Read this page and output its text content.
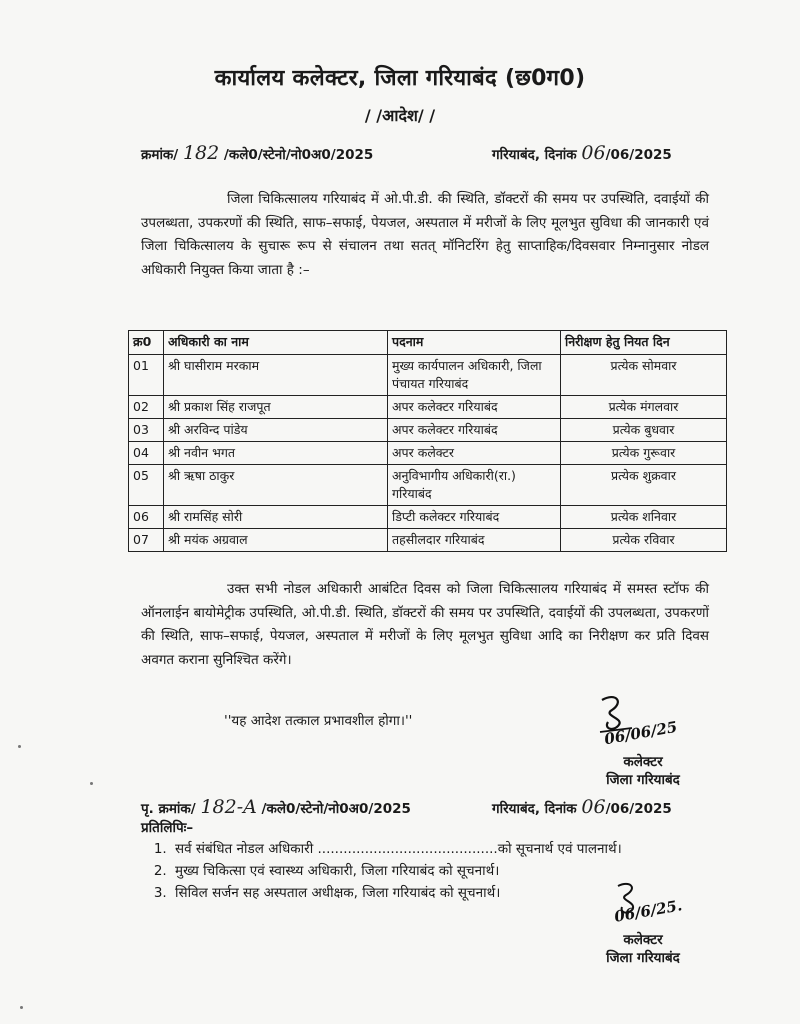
कार्यालय कलेक्टर, जिला गरियाबंद (छ0ग0)
/ /आदेश/ /
क्रमांक/ 182 /कले0/स्टेनो/नो0अ0/2025	गरियाबंद, दिनांक 06/06/2025
जिला चिकित्सालय गरियाबंद में ओ.पी.डी. की स्थिति, डॉक्टरों की समय पर उपस्थिति, दवाईयों की उपलब्धता, उपकरणों की स्थिति, साफ–सफाई, पेयजल, अस्पताल में मरीजों के लिए मूलभुत सुविधा की जानकारी एवं जिला चिकित्सालय के सुचारू रूप से संचालन तथा सतत् मॉनिटरिंग हेतु साप्ताहिक/दिवसवार निम्नानुसार नोडल अधिकारी नियुक्त किया जाता है :–
क्र0	अधिकारी का नाम	पदनाम	निरीक्षण हेतु नियत दिन
01	श्री घासीराम मरकाम	मुख्य कार्यपालन अधिकारी, जिला पंचायत गरियाबंद	प्रत्येक सोमवार
02	श्री प्रकाश सिंह राजपूत	अपर कलेक्टर गरियाबंद	प्रत्येक मंगलवार
03	श्री अरविन्द पांडेय	अपर कलेक्टर गरियाबंद	प्रत्येक बुधवार
04	श्री नवीन भगत	अपर कलेक्टर	प्रत्येक गुरूवार
05	श्री ऋषा ठाकुर	अनुविभागीय अधिकारी(रा.) गरियाबंद	प्रत्येक शुक्रवार
06	श्री रामसिंह सोरी	डिप्टी कलेक्टर गरियाबंद	प्रत्येक शनिवार
07	श्री मयंक अग्रवाल	तहसीलदार गरियाबंद	प्रत्येक रविवार
उक्त सभी नोडल अधिकारी आबंटित दिवस को जिला चिकित्सालय गरियाबंद में समस्त स्टॉफ की ऑनलाईन बायोमेट्रीक उपस्थिति, ओ.पी.डी. स्थिति, डॉक्टरों की समय पर उपस्थिति, दवाईयों की उपलब्धता, उपकरणों की स्थिति, साफ–सफाई, पेयजल, अस्पताल में मरीजों के लिए मूलभुत सुविधा आदि का निरीक्षण कर प्रति दिवस अवगत कराना सुनिश्चित करेंगे।
''यह आदेश तत्काल प्रभावशील होगा।''	06/06/25
कलेक्टर
जिला गरियाबंद
पृ. क्रमांक/ 182-A /कले0/स्टेनो/नो0अ0/2025	गरियाबंद, दिनांक 06/06/2025
प्रतिलिपिः–
1. सर्व संबंधित नोडल अधिकारी ..........................................को सूचनार्थ एवं पालनार्थ।
2. मुख्य चिकित्सा एवं स्वास्थ्य अधिकारी, जिला गरियाबंद को सूचनार्थ।
3. सिविल सर्जन सह अस्पताल अधीक्षक, जिला गरियाबंद को सूचनार्थ।
06/6/25.
कलेक्टर
जिला गरियाबंद
